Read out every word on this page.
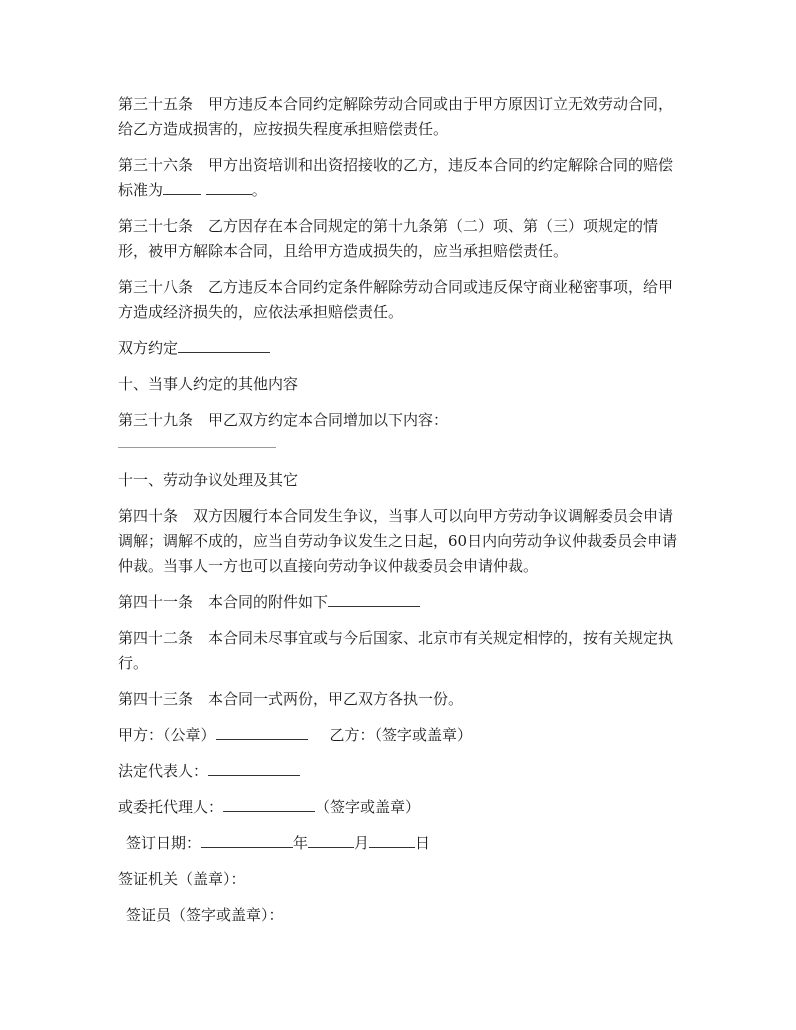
第三十五条　甲方违反本合同约定解除劳动合同或由于甲方原因订立无效劳动合同，给乙方造成损害的，应按损失程度承担赔偿责任。

第三十六条　甲方出资培训和出资招接收的乙方，违反本合同的约定解除合同的赔偿标准为	。

第三十七条　乙方因存在本合同规定的第十九条第（二）项、第（三）项规定的情形，被甲方解除本合同，且给甲方造成损失的，应当承担赔偿责任。

第三十八条　乙方违反本合同约定条件解除劳动合同或违反保守商业秘密事项，给甲方造成经济损失的，应依法承担赔偿责任。

双方约定

十、当事人约定的其他内容

第三十九条　甲乙双方约定本合同增加以下内容：

十一、劳动争议处理及其它

第四十条　双方因履行本合同发生争议，当事人可以向甲方劳动争议调解委员会申请调解；调解不成的，应当自劳动争议发生之日起，60日内向劳动争议仲裁委员会申请仲裁。当事人一方也可以直接向劳动争议仲裁委员会申请仲裁。

第四十一条　本合同的附件如下

第四十二条　本合同未尽事宜或与今后国家、北京市有关规定相悖的，按有关规定执行。

第四十三条　本合同一式两份，甲乙双方各执一份。

甲方：（公章）	乙方：（签字或盖章）

法定代表人：

或委托代理人：	（签字或盖章）

签订日期：	年	月	日

签证机关（盖章）：

签证员（签字或盖章）：
